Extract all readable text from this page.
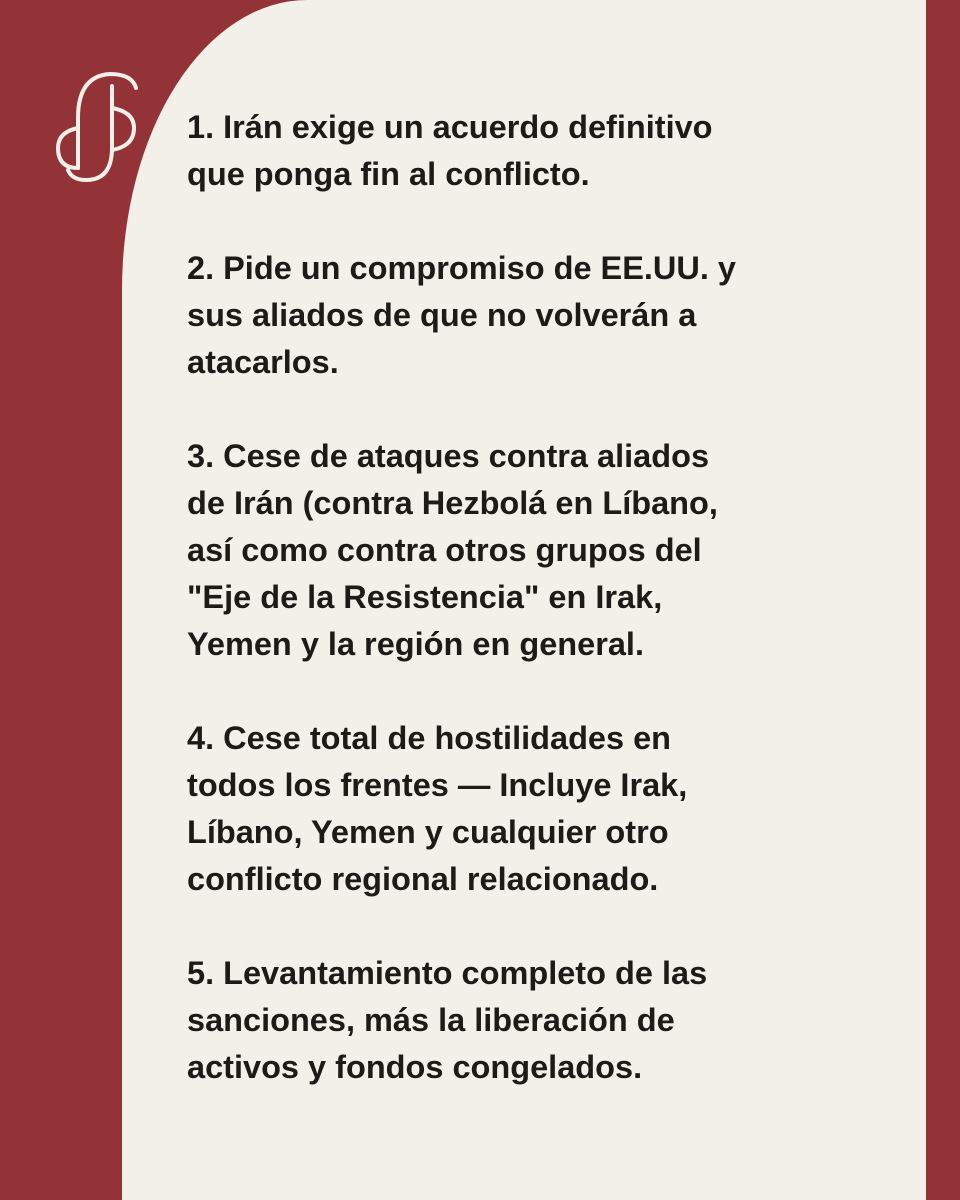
1. Irán exige un acuerdo definitivo
que ponga fin al conflicto.
2. Pide un compromiso de EE.UU. y
sus aliados de que no volverán a
atacarlos.
3. Cese de ataques contra aliados
de Irán (contra Hezbolá en Líbano,
así como contra otros grupos del
"Eje de la Resistencia" en Irak,
Yemen y la región en general.
4. Cese total de hostilidades en
todos los frentes — Incluye Irak,
Líbano, Yemen y cualquier otro
conflicto regional relacionado.
5. Levantamiento completo de las
sanciones, más la liberación de
activos y fondos congelados.
